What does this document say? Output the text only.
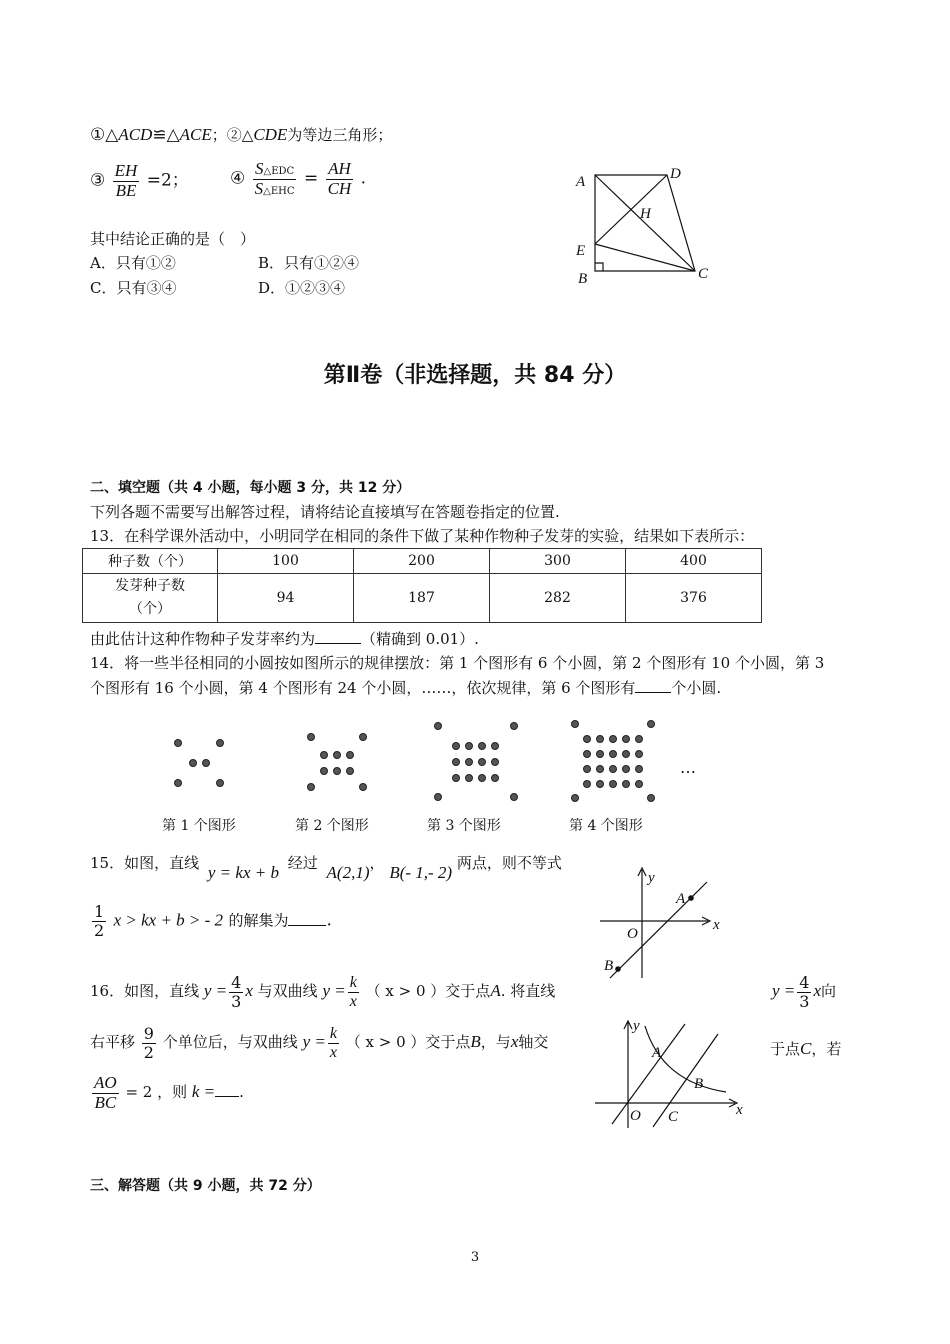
①△ACD≌△ACE；②△CDE为等边三角形；
③ $\frac{EH}{BE} =2$； ④ $\frac{\text{S△EDC}}{\text{S△EHC}} = \frac{AH}{CH}$ .
其中结论正确的是（　）
A．只有①②	B．只有①②④
C．只有③④	D．①②③④
A	D
H
E
B	C
第Ⅱ卷（非选择题，共 84 分）
二、填空题（共 4 小题，每小题 3 分，共 12 分）
下列各题不需要写出解答过程，请将结论直接填写在答题卷指定的位置.
13．在科学课外活动中，小明同学在相同的条件下做了某种作物种子发芽的实验，结果如下表所示：
种子数（个）	100	200	300	400

发芽种子数
（个）	94	187	282	376
由此估计这种作物种子发芽率约为	（精确到 0.01）.
14．将一些半径相同的小圆按如图所示的规律摆放：第 1 个图形有 6 个小圆，第 2 个图形有 10 个小圆，第 3
个图形有 16 个小圆，第 4 个图形有 24 个小圆，……，依次规律，第 6 个图形有 个小圆.
…
第 1 个图形	第 2 个图形	第 3 个图形	第 4 个图形
15．如图，直线 y = kx + b 经过 A(2,1)， B(- 1,- 2) 两点，则不等式
$\frac{1}{2}$ x > kx + b > - 2 的解集为 .
y
x
O
A
B
16．如图，直线 $y = \frac{4}{3}$ x 与双曲线 $y = \frac{k}{x}$ （ x > 0 ）交于点A. 将直线	$y = \frac{4}{3}$ x向
右平移 $\frac{9}{2}$ 个单位后，与双曲线 $y = \frac{k}{x}$ （ x > 0 ）交于点B，与x轴交	于点C，若
$\frac{AO}{BC} = 2$ ，则 k = .
y
x
O
A
B
C
三、解答题（共 9 小题，共 72 分）
3
